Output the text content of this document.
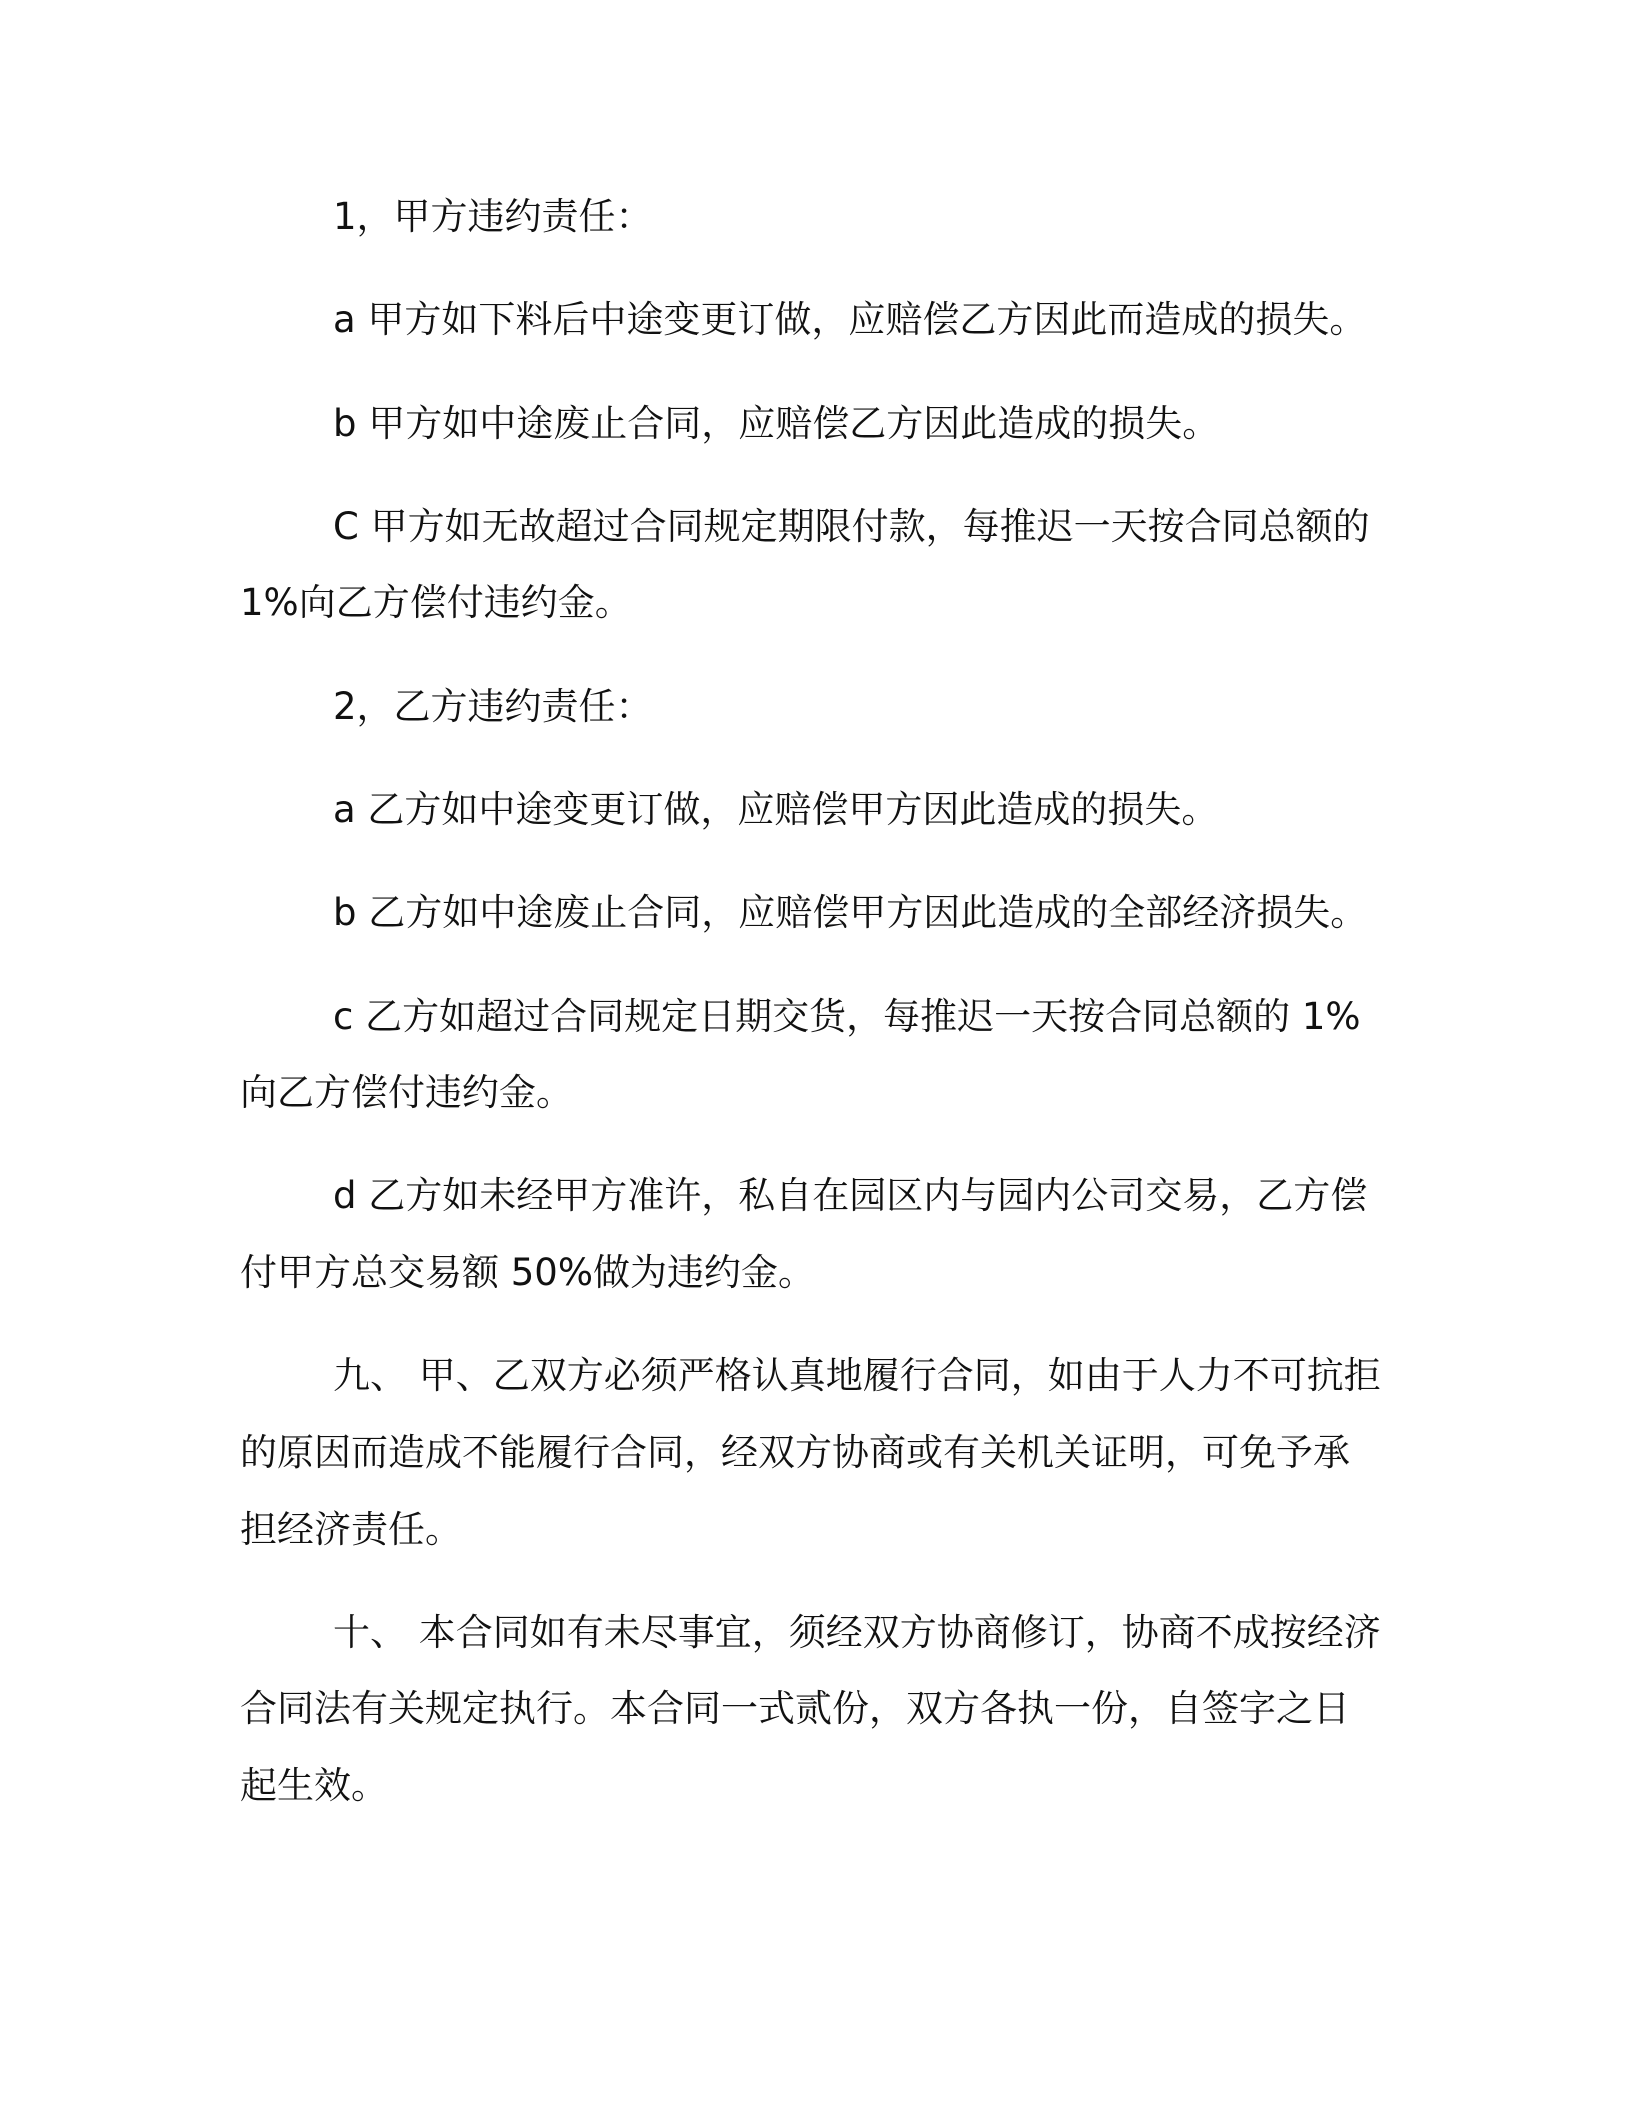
1，甲方违约责任：
a 甲方如下料后中途变更订做，应赔偿乙方因此而造成的损失。
b 甲方如中途废止合同，应赔偿乙方因此造成的损失。
C 甲方如无故超过合同规定期限付款，每推迟一天按合同总额的
1%向乙方偿付违约金。
2，乙方违约责任：
a 乙方如中途变更订做，应赔偿甲方因此造成的损失。
b 乙方如中途废止合同，应赔偿甲方因此造成的全部经济损失。
c 乙方如超过合同规定日期交货，每推迟一天按合同总额的 1%
向乙方偿付违约金。
d 乙方如未经甲方准许，私自在园区内与园内公司交易，乙方偿
付甲方总交易额 50%做为违约金。
九、 甲、乙双方必须严格认真地履行合同，如由于人力不可抗拒
的原因而造成不能履行合同，经双方协商或有关机关证明，可免予承
担经济责任。
十、 本合同如有未尽事宜，须经双方协商修订，协商不成按经济
合同法有关规定执行。本合同一式贰份，双方各执一份，自签字之日
起生效。
